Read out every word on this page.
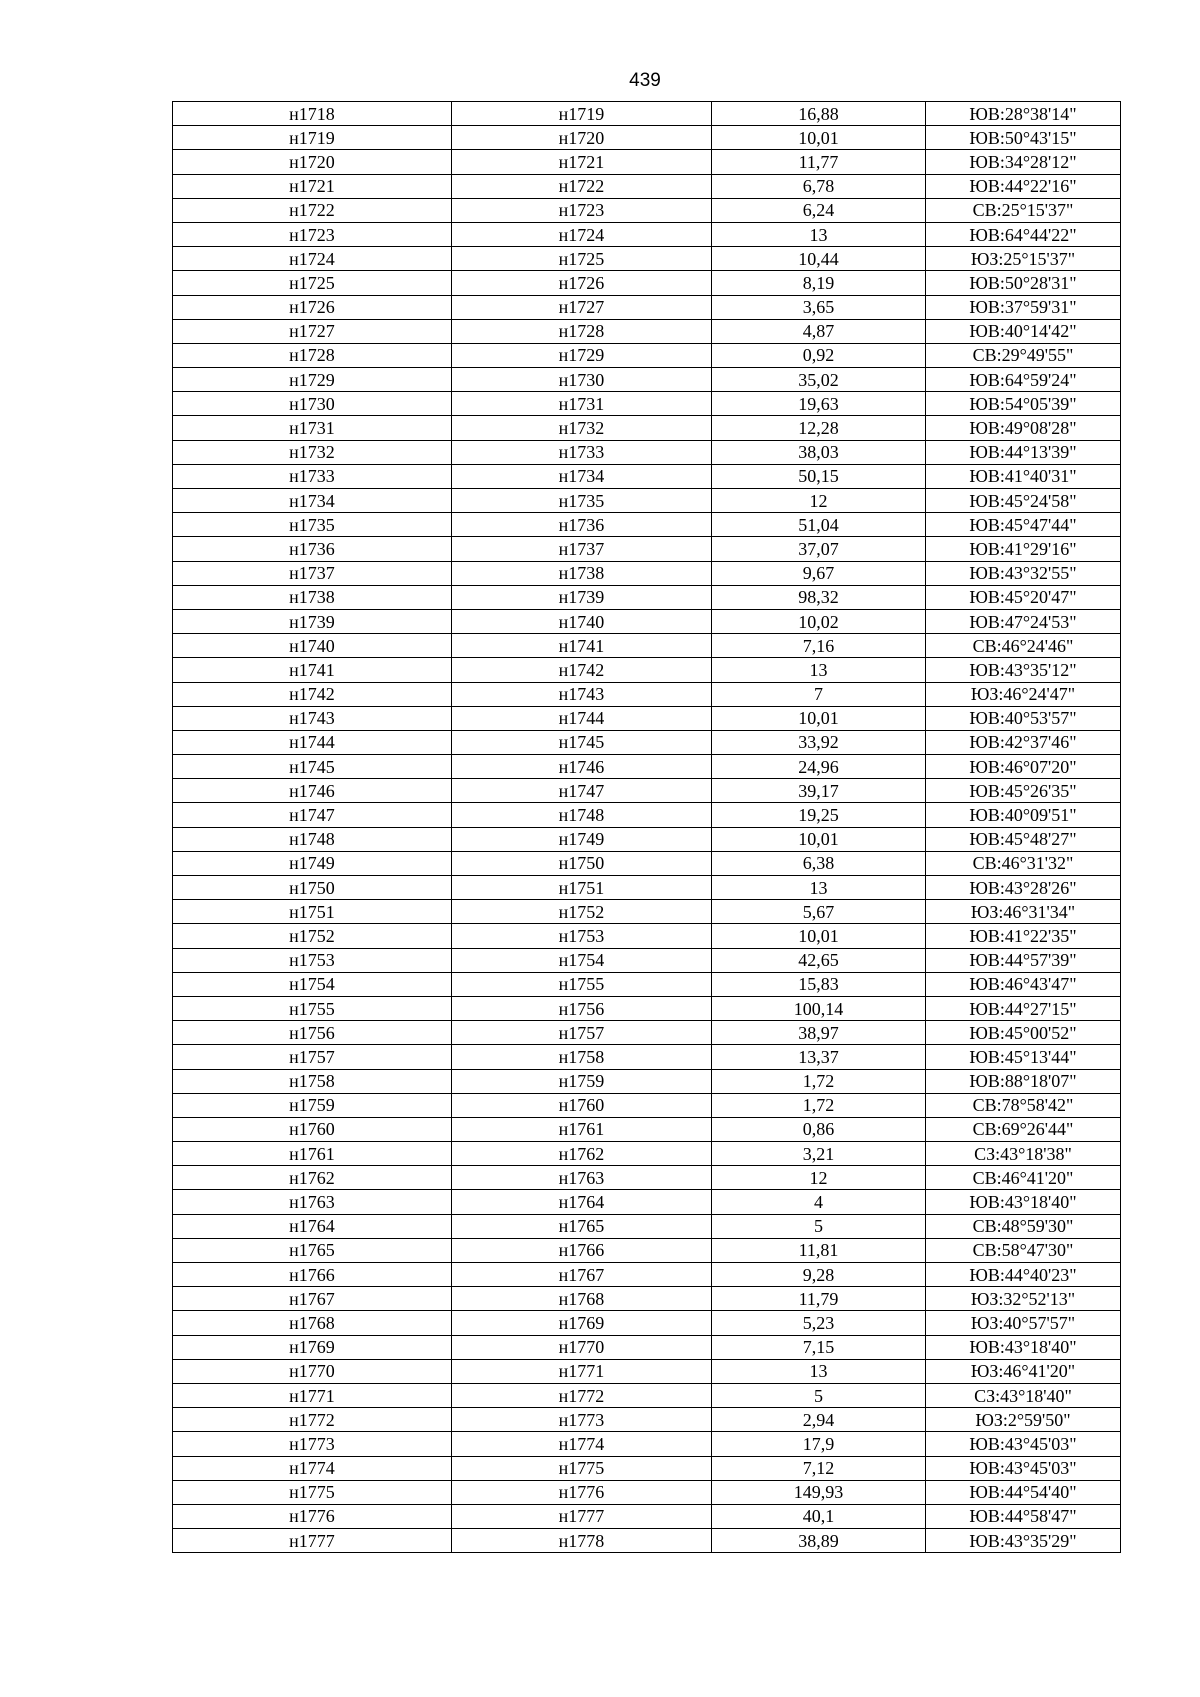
439
н1718	н1719	16,88	ЮВ:28°38'14"
н1719	н1720	10,01	ЮВ:50°43'15"
н1720	н1721	11,77	ЮВ:34°28'12"
н1721	н1722	6,78	ЮВ:44°22'16"
н1722	н1723	6,24	СВ:25°15'37"
н1723	н1724	13	ЮВ:64°44'22"
н1724	н1725	10,44	ЮЗ:25°15'37"
н1725	н1726	8,19	ЮВ:50°28'31"
н1726	н1727	3,65	ЮВ:37°59'31"
н1727	н1728	4,87	ЮВ:40°14'42"
н1728	н1729	0,92	СВ:29°49'55"
н1729	н1730	35,02	ЮВ:64°59'24"
н1730	н1731	19,63	ЮВ:54°05'39"
н1731	н1732	12,28	ЮВ:49°08'28"
н1732	н1733	38,03	ЮВ:44°13'39"
н1733	н1734	50,15	ЮВ:41°40'31"
н1734	н1735	12	ЮВ:45°24'58"
н1735	н1736	51,04	ЮВ:45°47'44"
н1736	н1737	37,07	ЮВ:41°29'16"
н1737	н1738	9,67	ЮВ:43°32'55"
н1738	н1739	98,32	ЮВ:45°20'47"
н1739	н1740	10,02	ЮВ:47°24'53"
н1740	н1741	7,16	СВ:46°24'46"
н1741	н1742	13	ЮВ:43°35'12"
н1742	н1743	7	ЮЗ:46°24'47"
н1743	н1744	10,01	ЮВ:40°53'57"
н1744	н1745	33,92	ЮВ:42°37'46"
н1745	н1746	24,96	ЮВ:46°07'20"
н1746	н1747	39,17	ЮВ:45°26'35"
н1747	н1748	19,25	ЮВ:40°09'51"
н1748	н1749	10,01	ЮВ:45°48'27"
н1749	н1750	6,38	СВ:46°31'32"
н1750	н1751	13	ЮВ:43°28'26"
н1751	н1752	5,67	ЮЗ:46°31'34"
н1752	н1753	10,01	ЮВ:41°22'35"
н1753	н1754	42,65	ЮВ:44°57'39"
н1754	н1755	15,83	ЮВ:46°43'47"
н1755	н1756	100,14	ЮВ:44°27'15"
н1756	н1757	38,97	ЮВ:45°00'52"
н1757	н1758	13,37	ЮВ:45°13'44"
н1758	н1759	1,72	ЮВ:88°18'07"
н1759	н1760	1,72	СВ:78°58'42"
н1760	н1761	0,86	СВ:69°26'44"
н1761	н1762	3,21	СЗ:43°18'38"
н1762	н1763	12	СВ:46°41'20"
н1763	н1764	4	ЮВ:43°18'40"
н1764	н1765	5	СВ:48°59'30"
н1765	н1766	11,81	СВ:58°47'30"
н1766	н1767	9,28	ЮВ:44°40'23"
н1767	н1768	11,79	ЮЗ:32°52'13"
н1768	н1769	5,23	ЮЗ:40°57'57"
н1769	н1770	7,15	ЮВ:43°18'40"
н1770	н1771	13	ЮЗ:46°41'20"
н1771	н1772	5	СЗ:43°18'40"
н1772	н1773	2,94	ЮЗ:2°59'50"
н1773	н1774	17,9	ЮВ:43°45'03"
н1774	н1775	7,12	ЮВ:43°45'03"
н1775	н1776	149,93	ЮВ:44°54'40"
н1776	н1777	40,1	ЮВ:44°58'47"
н1777	н1778	38,89	ЮВ:43°35'29"
